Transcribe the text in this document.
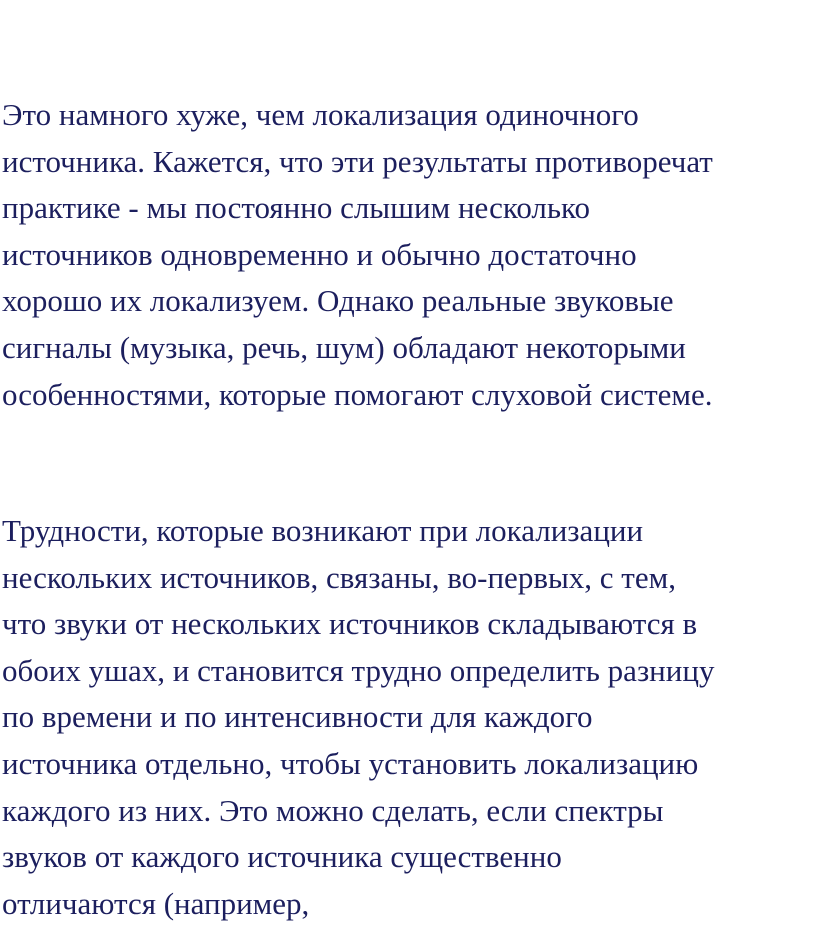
Это намного хуже, чем локализация одиночного
источника. Кажется, что эти результаты противоречат
практике - мы постоянно слышим несколько
источников одновременно и обычно достаточно
хорошо их локализуем. Однако реальные звуковые
сигналы (музыка, речь, шум) обладают некоторыми
особенностями, которые помогают слуховой системе.

Трудности, которые возникают при локализации
нескольких источников, связаны, во-первых, с тем,
что звуки от нескольких источников складываются в
обоих ушах, и становится трудно определить разницу
по времени и по интенсивности для каждого
источника отдельно, чтобы установить локализацию
каждого из них. Это можно сделать, если спектры
звуков от каждого источника существенно
отличаются (например,
